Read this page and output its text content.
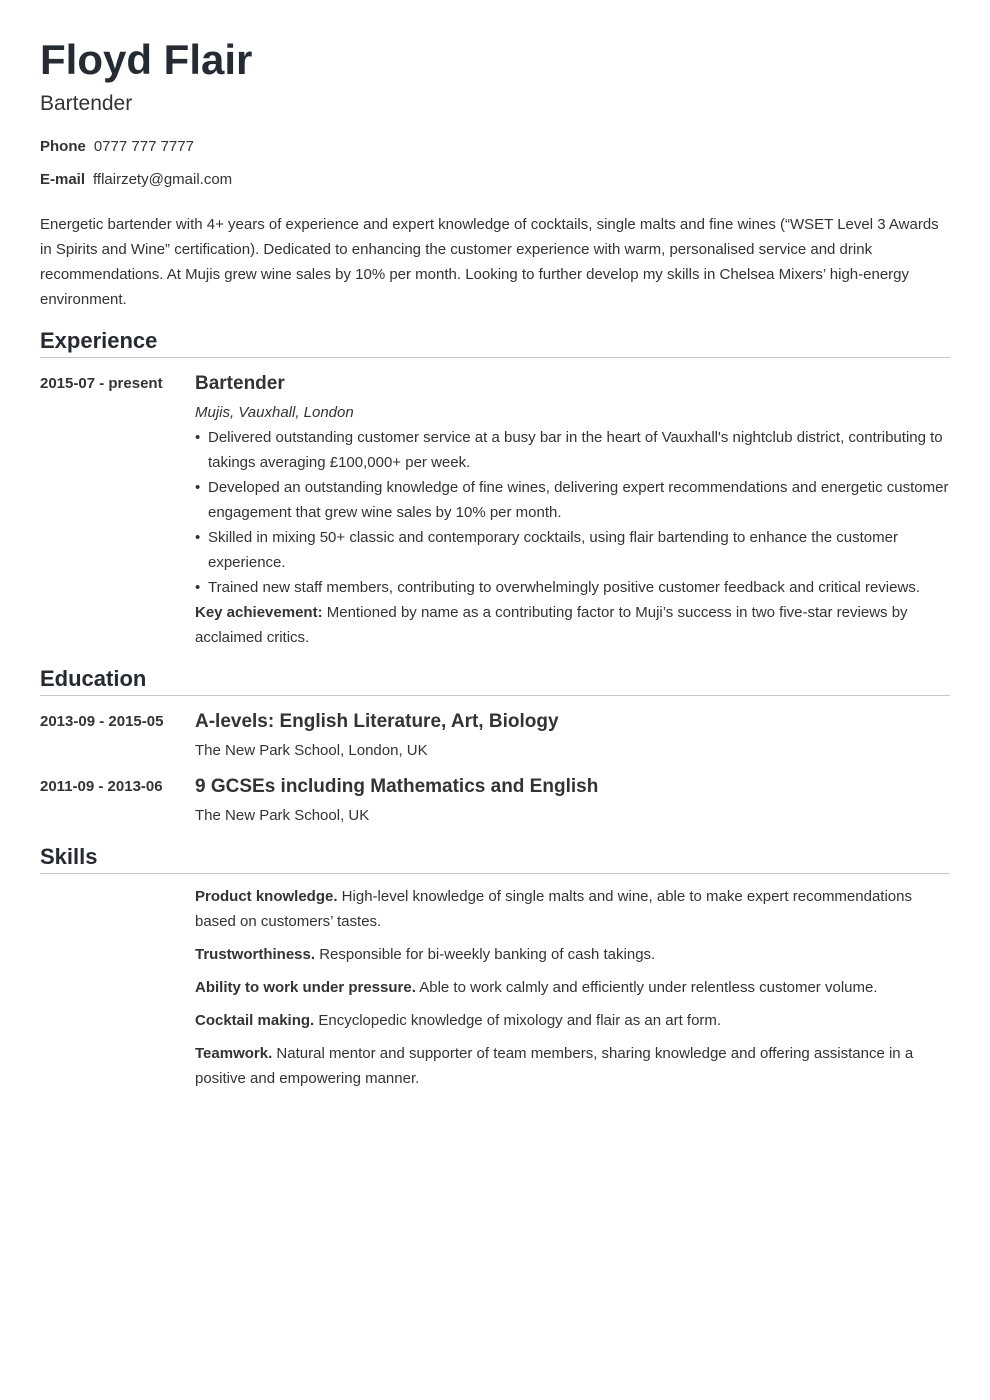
Floyd Flair
Bartender
Phone 0777 777 7777
E-mail fflairzety@gmail.com
Energetic bartender with 4+ years of experience and expert knowledge of cocktails, single malts and fine wines (“WSET Level 3 Awards in Spirits and Wine” certification). Dedicated to enhancing the customer experience with warm, personalised service and drink recommendations. At Mujis grew wine sales by 10% per month. Looking to further develop my skills in Chelsea Mixers’ high-energy environment.
Experience
2015-07 - present Bartender
Mujis, Vauxhall, London
• Delivered outstanding customer service at a busy bar in the heart of Vauxhall's nightclub district, contributing to takings averaging £100,000+ per week.
• Developed an outstanding knowledge of fine wines, delivering expert recommendations and energetic customer engagement that grew wine sales by 10% per month.
• Skilled in mixing 50+ classic and contemporary cocktails, using flair bartending to enhance the customer experience.
• Trained new staff members, contributing to overwhelmingly positive customer feedback and critical reviews.
Key achievement: Mentioned by name as a contributing factor to Muji’s success in two five-star reviews by acclaimed critics.
Education
2013-09 - 2015-05 A-levels: English Literature, Art, Biology
The New Park School, London, UK
2011-09 - 2013-06 9 GCSEs including Mathematics and English
The New Park School, UK
Skills
Product knowledge. High-level knowledge of single malts and wine, able to make expert recommendations based on customers’ tastes.
Trustworthiness. Responsible for bi-weekly banking of cash takings.
Ability to work under pressure. Able to work calmly and efficiently under relentless customer volume.
Cocktail making. Encyclopedic knowledge of mixology and flair as an art form.
Teamwork. Natural mentor and supporter of team members, sharing knowledge and offering assistance in a positive and empowering manner.
